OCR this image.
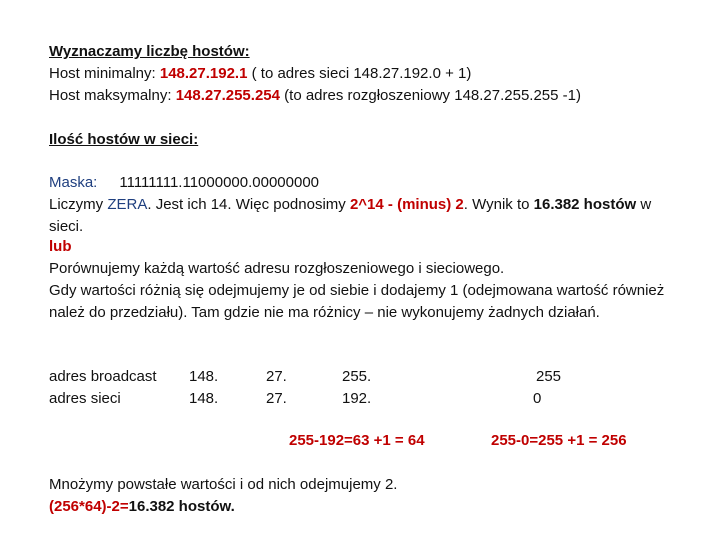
Wyznaczamy liczbę hostów:
Host minimalny: 148.27.192.1 ( to adres sieci 148.27.192.0 + 1)
Host maksymalny: 148.27.255.254 (to adres rozgłoszeniowy 148.27.255.255 -1)
Ilość hostów w sieci:
Maska: 11111111.11000000.00000000
Liczymy ZERA. Jest ich 14. Więc podnosimy 2^14 - (minus) 2. Wynik to 16.382 hostów w sieci.
lub
Porównujemy każdą wartość adresu rozgłoszeniowego i sieciowego.
Gdy wartości różnią się odejmujemy je od siebie i dodajemy 1 (odejmowana wartość również należ do przedziału). Tam gdzie nie ma różnicy – nie wykonujemy żadnych działań.
adres broadcast 148.	27.	255.	255
adres sieci	148.	27.	192.	0
255-192=63 +1 = 64	255-0=255 +1 = 256
Mnożymy powstałe wartości i od nich odejmujemy 2.
(256*64)-2=16.382 hostów.
